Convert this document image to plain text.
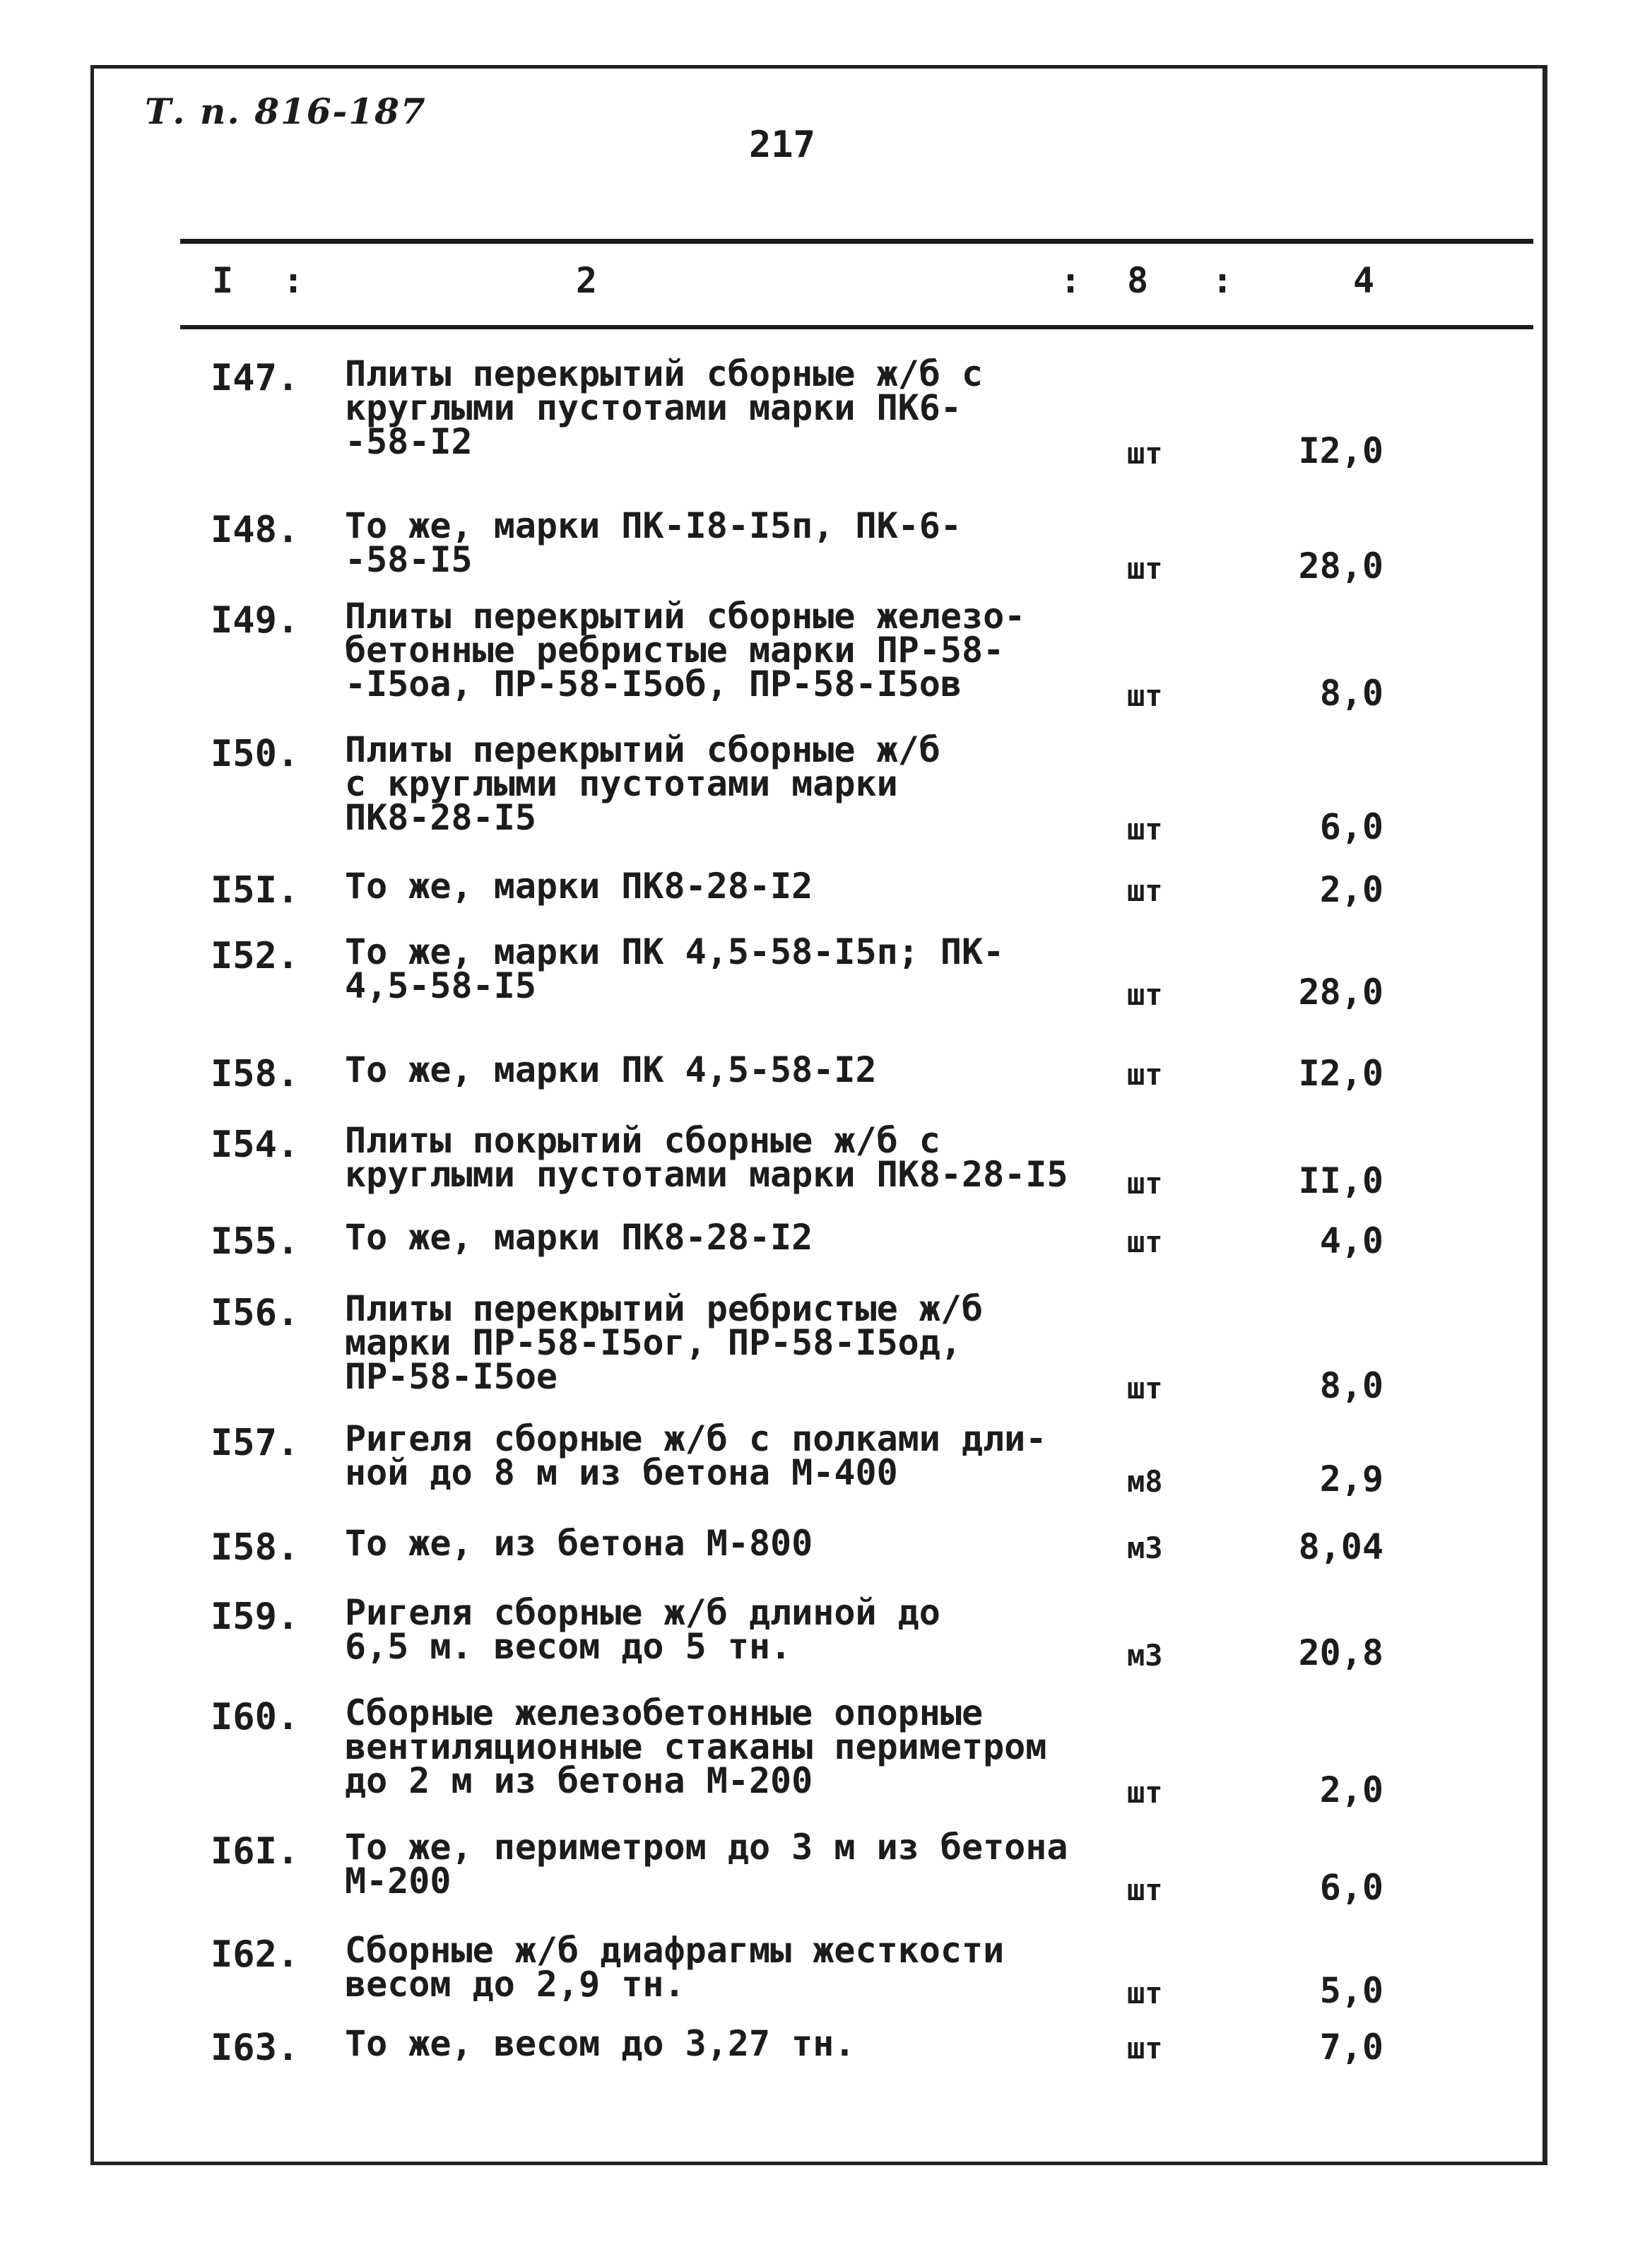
Т. п. 816-187
217
I :	2	: 8 :	4
I47. Плиты перекрытий сборные ж/б с
круглыми пустотами марки ПК6-
-58-I2	шт	I2,0
I48. То же, марки ПК-I8-I5п, ПК-6-
-58-I5	шт	28,0
I49. Плиты перекрытий сборные железо-
бетонные ребристые марки ПР-58-
-I5оа, ПР-58-I5об, ПР-58-I5ов	шт	8,0
I50. Плиты перекрытий сборные ж/б
с круглыми пустотами марки
ПК8-28-I5	шт	6,0
I5I. То же, марки ПК8-28-I2	шт	2,0
I52. То же, марки ПК 4,5-58-I5п; ПК-
4,5-58-I5	шт	28,0
I58. То же, марки ПК 4,5-58-I2	шт	I2,0
I54. Плиты покрытий сборные ж/б с
круглыми пустотами марки ПК8-28-I5	шт	II,0
I55. То же, марки ПК8-28-I2	шт	4,0
I56. Плиты перекрытий ребристые ж/б
марки ПР-58-I5ог, ПР-58-I5од,
ПР-58-I5ое	шт	8,0
I57. Ригеля сборные ж/б с полками дли-
ной до 8 м из бетона М-400	м8	2,9
I58. То же, из бетона М-800	м3	8,04
I59. Ригеля сборные ж/б длиной до
6,5 м. весом до 5 тн.	м3	20,8
I60. Сборные железобетонные опорные
вентиляционные стаканы периметром
до 2 м из бетона М-200	шт	2,0
I6I. То же, периметром до 3 м из бетона
М-200	шт	6,0
I62. Сборные ж/б диафрагмы жесткости
весом до 2,9 тн.	шт	5,0
I63. То же, весом до 3,27 тн.	шт	7,0
